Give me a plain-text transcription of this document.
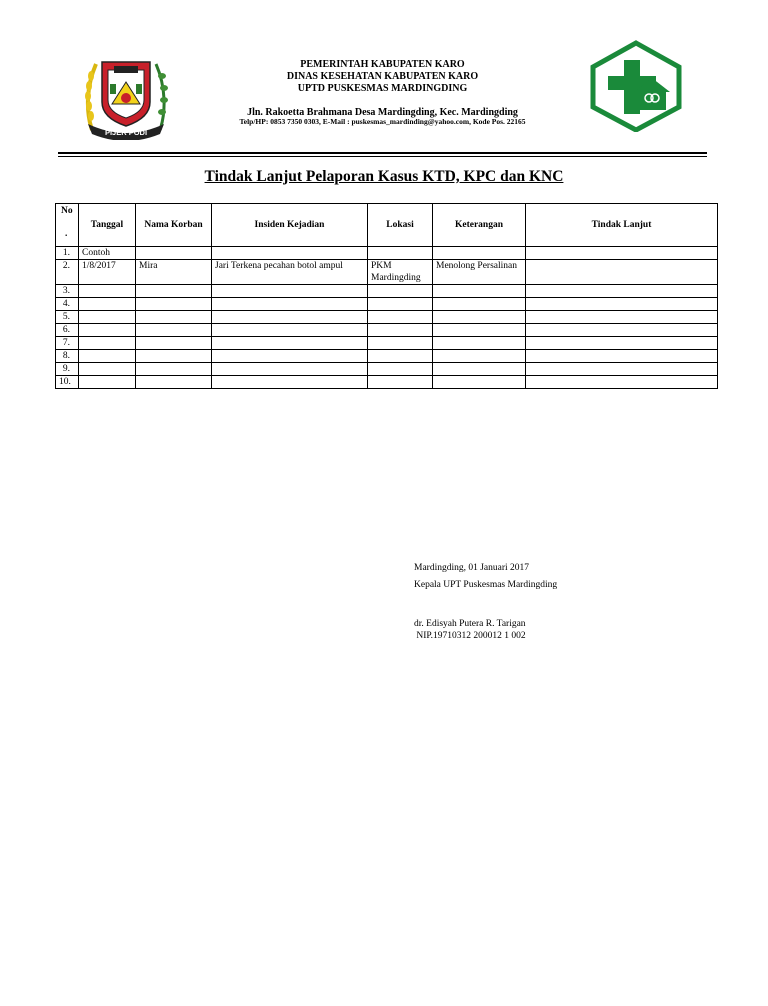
PIJER PODI
PEMERINTAH KABUPATEN KARO
DINAS KESEHATAN KABUPATEN KARO
UPTD PUSKESMAS MARDINGDING
Jln. Rakoetta Brahmana Desa Mardingding, Kec. Mardingding
Telp/HP: 0853 7350 0303, E-Mail : puskesmas_mardinding@yahoo.com, Kode Pos. 22165
Tindak Lanjut Pelaporan Kasus KTD, KPC dan KNC
No
.	Tanggal	Nama Korban	Insiden Kejadian	Lokasi	Keterangan	Tindak Lanjut
1.	Contoh					
2.	1/8/2017	Mira	Jari Terkena pecahan botol ampul	PKM Mardingding	Menolong Persalinan	
3.						
4.						
5.						
6.						
7.						
8.						
9.						
10.						
Mardingding, 01 Januari 2017
Kepala UPT Puskesmas Mardingding
dr. Edisyah Putera R. Tarigan
NIP.19710312 200012 1 002
